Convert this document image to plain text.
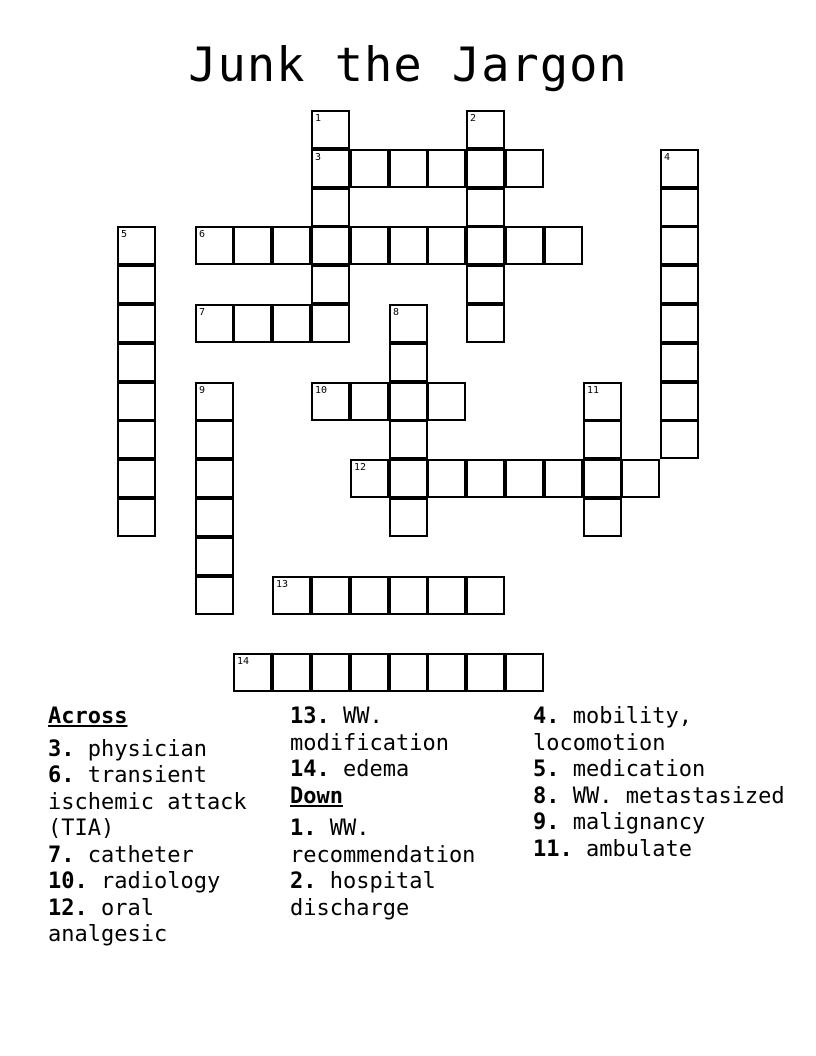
Junk the Jargon
1
3
2
4
5	6
7	8
9	10	11
12
13
14
Across
3. physician
6. transient ischemic attack (TIA)
7. catheter
10. radiology
12. oral analgesic
13. WW. modification
14. edema
Down
1. WW. recommendation
2. hospital discharge
4. mobility, locomotion
5. medication
8. WW. metastasized
9. malignancy
11. ambulate
